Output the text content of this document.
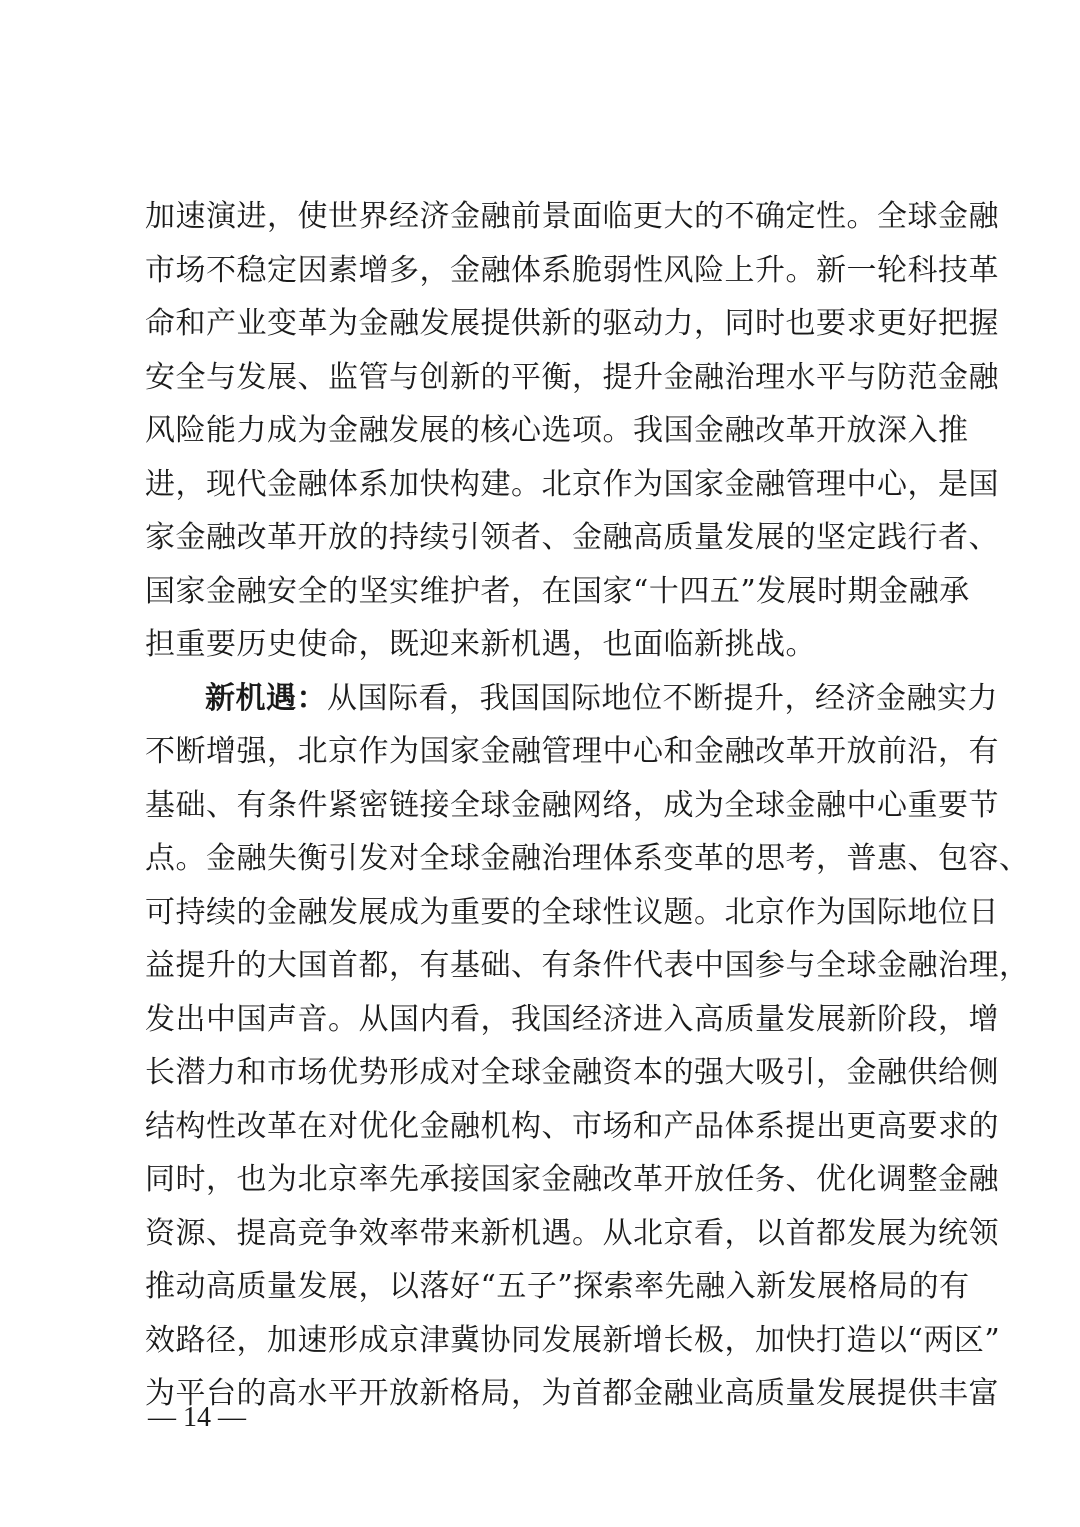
加速演进，使世界经济金融前景面临更大的不确定性。全球金融
市场不稳定因素增多，金融体系脆弱性风险上升。新一轮科技革
命和产业变革为金融发展提供新的驱动力，同时也要求更好把握
安全与发展、监管与创新的平衡，提升金融治理水平与防范金融
风险能力成为金融发展的核心选项。我国金融改革开放深入推
进，现代金融体系加快构建。北京作为国家金融管理中心，是国
家金融改革开放的持续引领者、金融高质量发展的坚定践行者、
国家金融安全的坚实维护者，在国家“十四五”发展时期金融承
担重要历史使命，既迎来新机遇，也面临新挑战。
新机遇：从国际看，我国国际地位不断提升，经济金融实力
不断增强，北京作为国家金融管理中心和金融改革开放前沿，有
基础、有条件紧密链接全球金融网络，成为全球金融中心重要节
点。金融失衡引发对全球金融治理体系变革的思考，普惠、包容、
可持续的金融发展成为重要的全球性议题。北京作为国际地位日
益提升的大国首都，有基础、有条件代表中国参与全球金融治理，
发出中国声音。从国内看，我国经济进入高质量发展新阶段，增
长潜力和市场优势形成对全球金融资本的强大吸引，金融供给侧
结构性改革在对优化金融机构、市场和产品体系提出更高要求的
同时，也为北京率先承接国家金融改革开放任务、优化调整金融
资源、提高竞争效率带来新机遇。从北京看，以首都发展为统领
推动高质量发展，以落好“五子”探索率先融入新发展格局的有
效路径，加速形成京津冀协同发展新增长极，加快打造以“两区”
为平台的高水平开放新格局，为首都金融业高质量发展提供丰富
— 14 —
